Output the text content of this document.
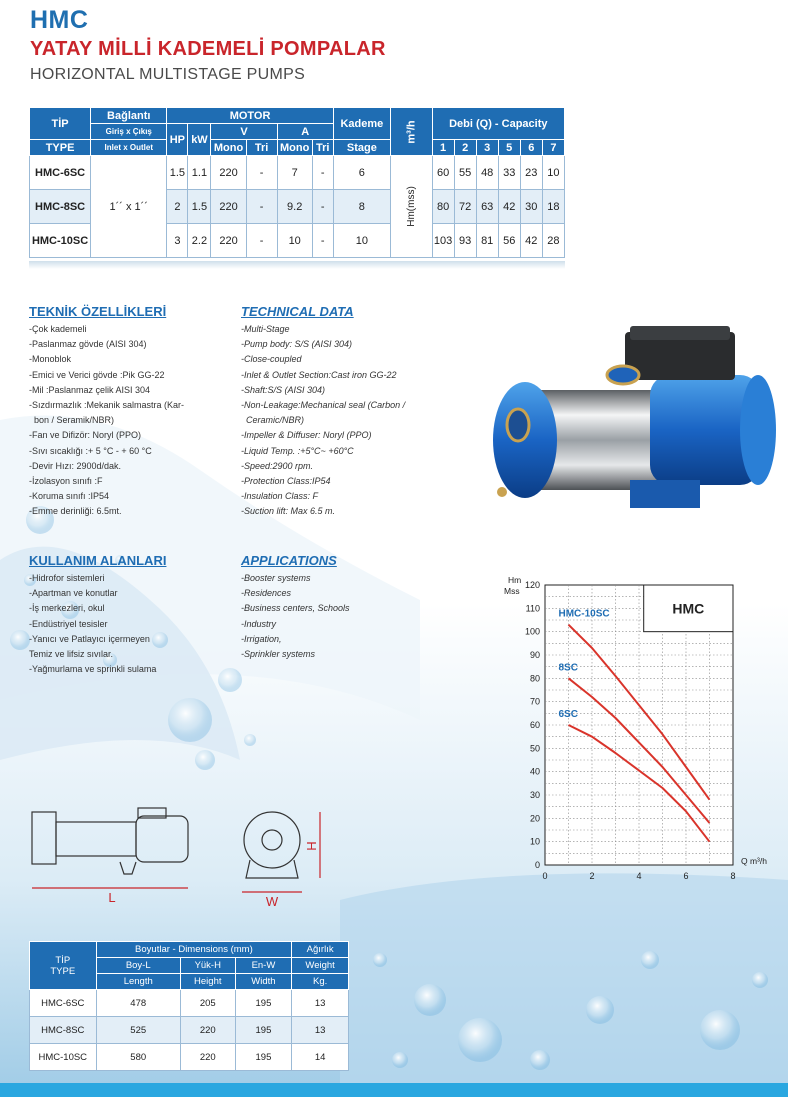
HMC
YATAY MİLLİ KADEMELİ POMPALAR
HORIZONTAL MULTISTAGE PUMPS
TİP	Bağlantı	MOTOR						Kademe	m³/h	Debi (Q) - Capacity					
	Giriş x Çıkış	HP	kW	V		A									
TYPE	Inlet x Outlet			Mono	Tri	Mono	Tri	Stage		1	2	3	5	6	7
HMC-6SC	1´´ x 1´´	1.5	1.1	220	-	7	-	6	Hm(mss)	60	55	48	33	23	10
HMC-8SC		2	1.5	220	-	9.2	-	8		80	72	63	42	30	18
HMC-10SC		3	2.2	220	-	10	-	10		103	93	81	56	42	28
TEKNİK ÖZELLİKLERİ
-Çok kademeli
-Paslanmaz gövde (AISI 304)
-Monoblok
-Emici ve Verici gövde :Pik GG-22
-Mil :Paslanmaz çelik AISI 304
-Sızdırmazlık :Mekanik salmastra (Kar-
bon / Seramik/NBR)
-Fan ve Difizör: Noryl (PPO)
-Sıvı sıcaklığı :+ 5 °C - + 60 °C
-Devir Hızı: 2900d/dak.
-İzolasyon sınıfı :F
-Koruma sınıfı :IP54
-Emme derinliği: 6.5mt.
TECHNICAL DATA
-Multi-Stage
-Pump body: S/S (AISI 304)
-Close-coupled
-Inlet & Outlet Section:Cast iron GG-22
-Shaft:S/S (AISI 304)
-Non-Leakage:Mechanical seal (Carbon /
Ceramic/NBR)
-Impeller & Diffuser: Noryl (PPO)
-Liquid Temp. :+5°C~ +60°C
-Speed:2900 rpm.
-Protection Class:IP54
-Insulation Class: F
-Suction lift: Max 6.5 m.
KULLANIM ALANLARI
-Hidrofor sistemleri
-Apartman ve konutlar
-İş merkezleri, okul
-Endüstriyel tesisler
-Yanıcı ve Patlayıcı içermeyen
Temiz ve lifsiz sıvılar.
-Yağmurlama ve sprinkli sulama
APPLICATIONS
-Booster systems
-Residences
-Business centers, Schools
-Industry
-Irrigation,
-Sprinkler systems
L	W
H
HMC
0
10
20
30
40
50
60
70
80
90
100
110
120
0	2	4	6	8
Hm
Mss
Q m³/h
HMC-10SC
8SC
6SC
TİP
TYPE	Boyutlar - Dimensions (mm)			Ağırlık
	Boy-L	Yük-H	En-W	Weight
	Length	Height	Width	Kg.
HMC-6SC	478	205	195	13
HMC-8SC	525	220	195	13
HMC-10SC	580	220	195	14
